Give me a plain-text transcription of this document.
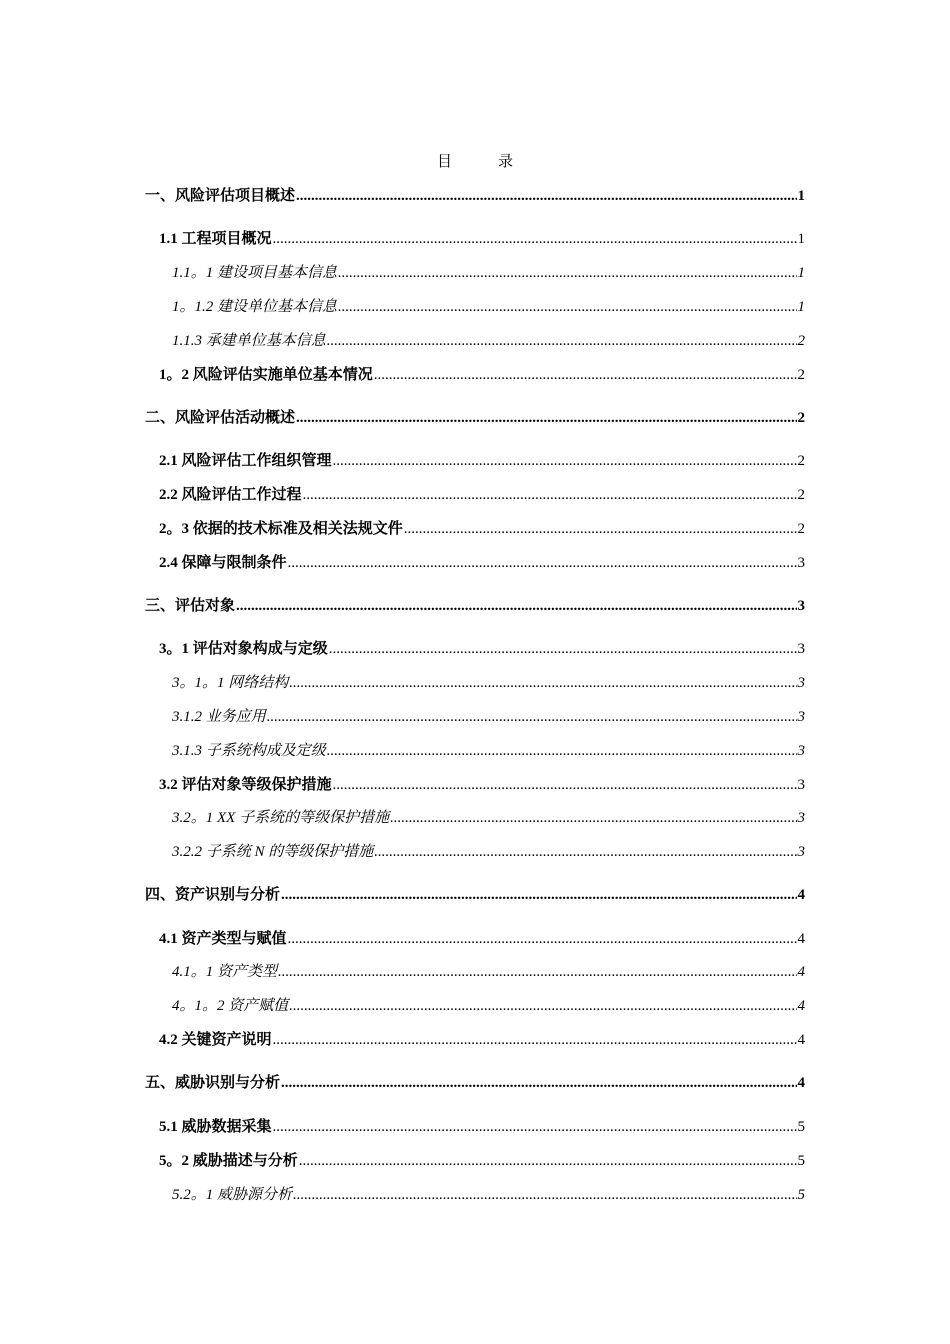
目	录
一、风险评估项目概述 .....	1
1.1 工程项目概况 .....	1
1.1。1 建设项目基本信息 .....	1
1。1.2 建设单位基本信息 .....	1
1.1.3 承建单位基本信息 .....	2
1。2 风险评估实施单位基本情况 .....	2
二、风险评估活动概述 .....	2
2.1 风险评估工作组织管理 .....	2
2.2 风险评估工作过程 .....	2
2。3 依据的技术标准及相关法规文件 .....	2
2.4 保障与限制条件 .....	3
三、评估对象 .....	3
3。1 评估对象构成与定级 .....	3
3。1。1 网络结构 .....	3
3.1.2 业务应用 .....	3
3.1.3 子系统构成及定级 .....	3
3.2 评估对象等级保护措施 .....	3
3.2。1 XX 子系统的等级保护措施 .....	3
3.2.2 子系统 N 的等级保护措施 .....	3
四、资产识别与分析 .....	4
4.1 资产类型与赋值 .....	4
4.1。1 资产类型 .....	4
4。1。2 资产赋值 .....	4
4.2 关键资产说明 .....	4
五、威胁识别与分析 .....	4
5.1 威胁数据采集 .....	5
5。2 威胁描述与分析 .....	5
5.2。1 威胁源分析 .....	5
